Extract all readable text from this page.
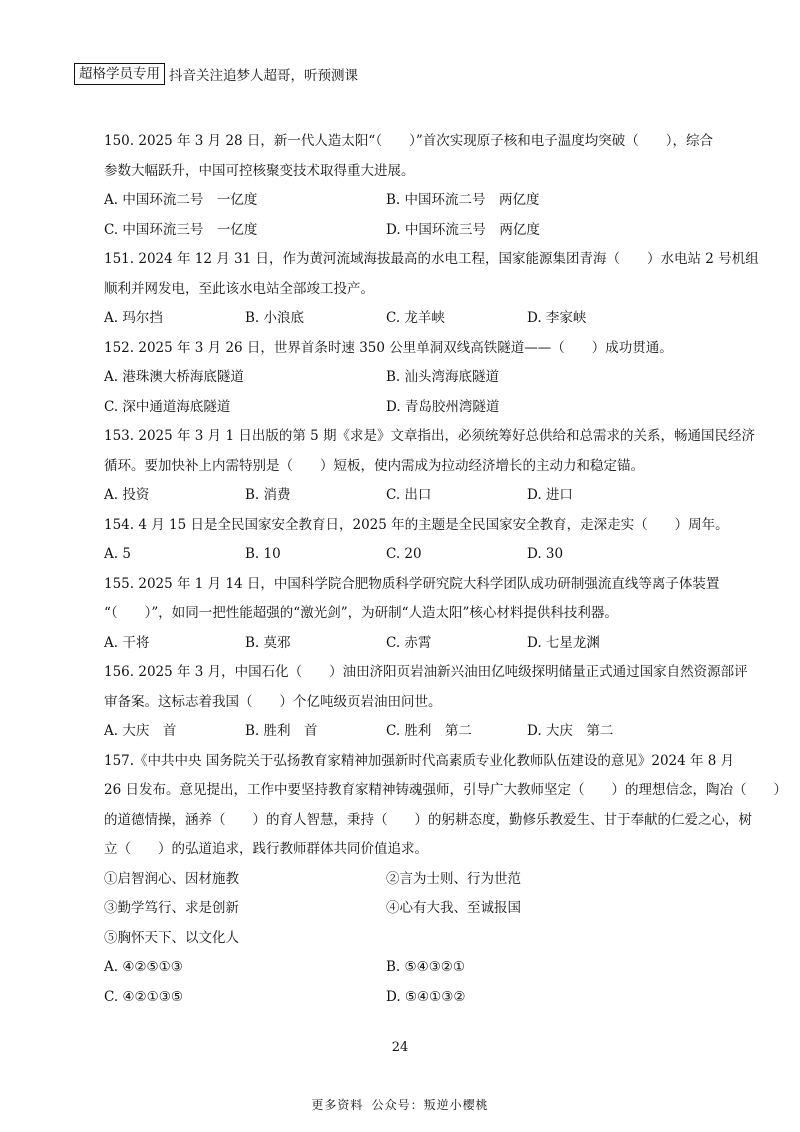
超格学员专用 抖音关注追梦人超哥，听预测课
150. 2025 年 3 月 28 日，新一代人造太阳“（　　）”首次实现原子核和电子温度均突破（　　），综合
参数大幅跃升，中国可控核聚变技术取得重大进展。
A. 中国环流二号　一亿度	B. 中国环流二号　两亿度
C. 中国环流三号　一亿度	D. 中国环流三号　两亿度
151. 2024 年 12 月 31 日，作为黄河流域海拔最高的水电工程，国家能源集团青海（　　）水电站 2 号机组
顺利并网发电，至此该水电站全部竣工投产。
A. 玛尔挡	B. 小浪底	C. 龙羊峡	D. 李家峡
152. 2025 年 3 月 26 日，世界首条时速 350 公里单洞双线高铁隧道——（　　）成功贯通。
A. 港珠澳大桥海底隧道	B. 汕头湾海底隧道
C. 深中通道海底隧道	D. 青岛胶州湾隧道
153. 2025 年 3 月 1 日出版的第 5 期《求是》文章指出，必须统筹好总供给和总需求的关系，畅通国民经济
循环。要加快补上内需特别是（　　）短板，使内需成为拉动经济增长的主动力和稳定锚。
A. 投资	B. 消费	C. 出口	D. 进口
154. 4 月 15 日是全民国家安全教育日，2025 年的主题是全民国家安全教育，走深走实（　　）周年。
A. 5	B. 10	C. 20	D. 30
155. 2025 年 1 月 14 日，中国科学院合肥物质科学研究院大科学团队成功研制强流直线等离子体装置
“（　　）”，如同一把性能超强的“激光剑”，为研制“人造太阳”核心材料提供科技利器。
A. 干将	B. 莫邪	C. 赤霄	D. 七星龙渊
156. 2025 年 3 月，中国石化（　　）油田济阳页岩油新兴油田亿吨级探明储量正式通过国家自然资源部评
审备案。这标志着我国（　　）个亿吨级页岩油田问世。
A. 大庆　首	B. 胜利　首	C. 胜利　第二	D. 大庆　第二
157.《中共中央 国务院关于弘扬教育家精神加强新时代高素质专业化教师队伍建设的意见》2024 年 8 月
26 日发布。意见提出，工作中要坚持教育家精神铸魂强师，引导广大教师坚定（　　）的理想信念，陶冶（　　）
的道德情操，涵养（　　）的育人智慧，秉持（　　）的躬耕态度，勤修乐教爱生、甘于奉献的仁爱之心，树
立（　　）的弘道追求，践行教师群体共同价值追求。
①启智润心、因材施教	②言为士则、行为世范
③勤学笃行、求是创新	④心有大我、至诚报国
⑤胸怀天下、以文化人
A. ④②⑤①③	B. ⑤④③②①
C. ④②①③⑤	D. ⑤④①③②
24
更多资料 公众号：叛逆小樱桃
